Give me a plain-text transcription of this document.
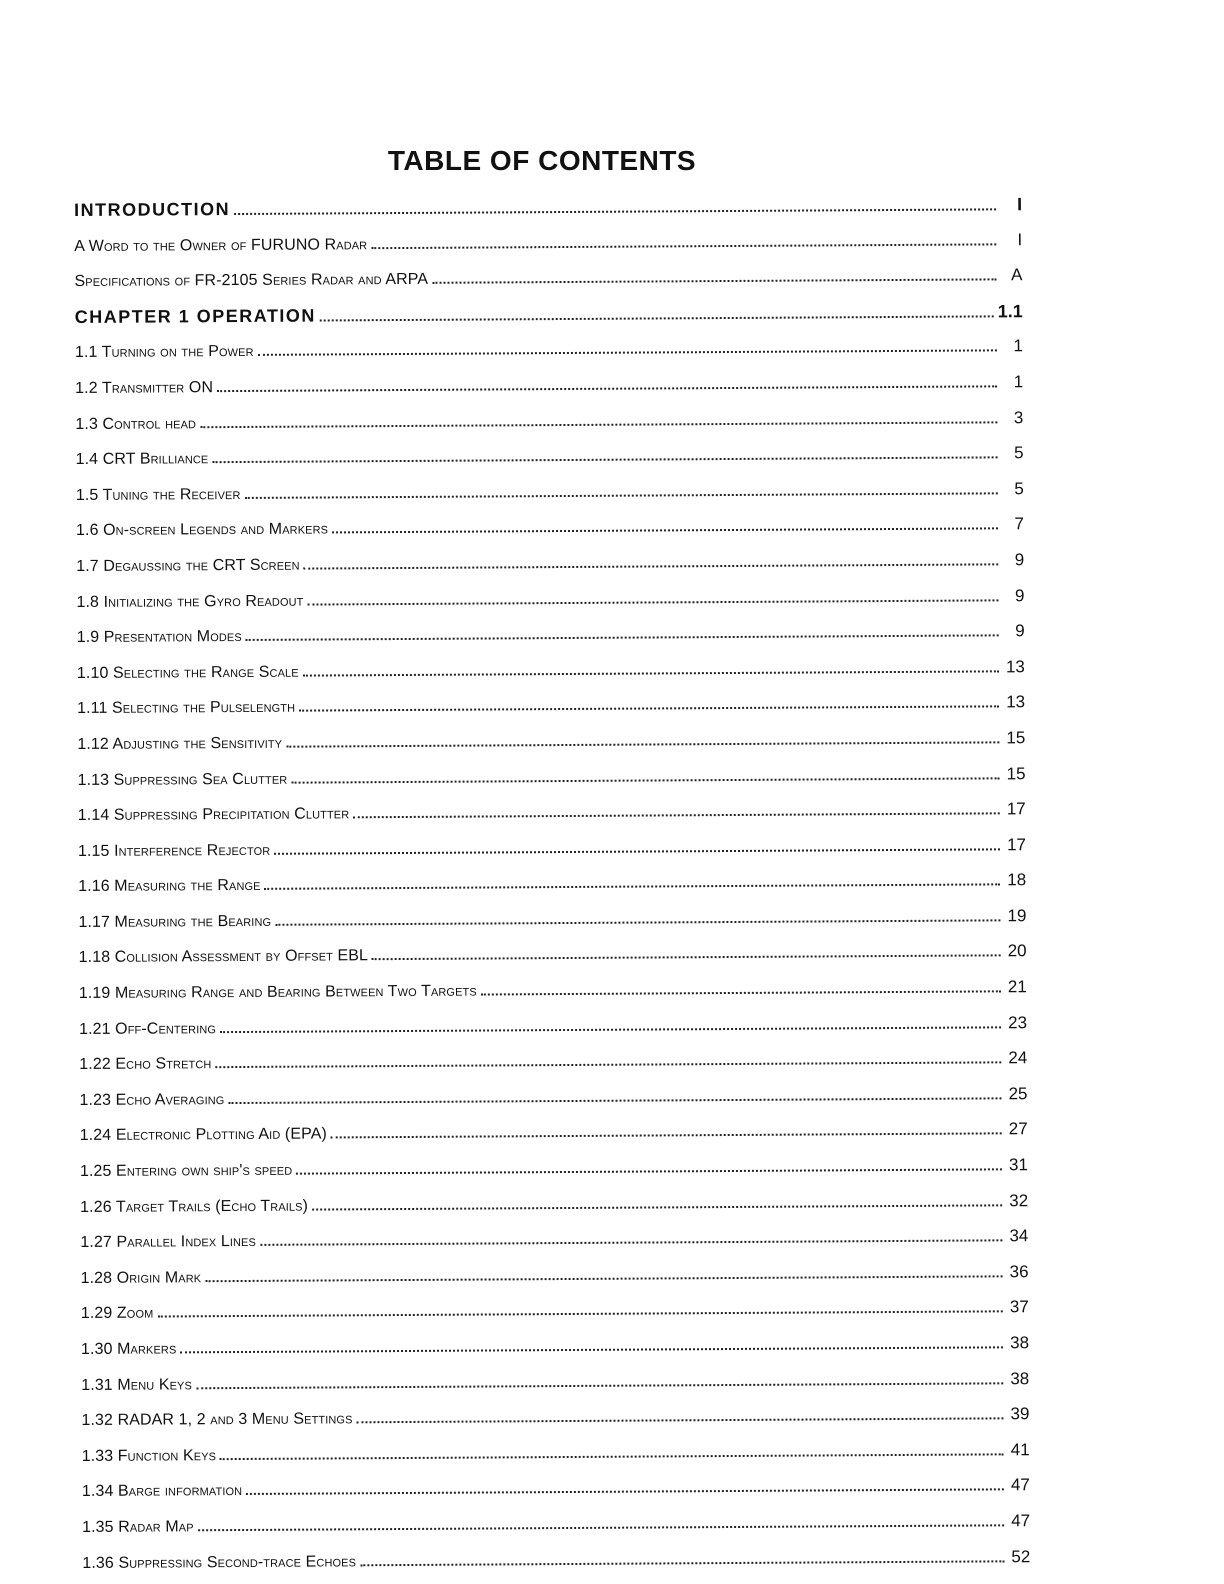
TABLE OF CONTENTS
INTRODUCTION	I
A Word to the Owner of FURUNO Radar	I
Specifications of FR-2105 Series Radar and ARPA	A
CHAPTER 1 OPERATION	1.1
1.1 Turning on the Power	1
1.2 Transmitter ON	1
1.3 Control head	3
1.4 CRT Brilliance	5
1.5 Tuning the Receiver	5
1.6 On-screen Legends and Markers	7
1.7 Degaussing the CRT Screen	9
1.8 Initializing the Gyro Readout	9
1.9 Presentation Modes	9
1.10 Selecting the Range Scale	13
1.11 Selecting the Pulselength	13
1.12 Adjusting the Sensitivity	15
1.13 Suppressing Sea Clutter	15
1.14 Suppressing Precipitation Clutter	17
1.15 Interference Rejector	17
1.16 Measuring the Range	18
1.17 Measuring the Bearing	19
1.18 Collision Assessment by Offset EBL	20
1.19 Measuring Range and Bearing Between Two Targets	21
1.21 Off-Centering	23
1.22 Echo Stretch	24
1.23 Echo Averaging	25
1.24 Electronic Plotting Aid (EPA)	27
1.25 Entering own ship's speed	31
1.26 Target Trails (Echo Trails)	32
1.27 Parallel Index Lines	34
1.28 Origin Mark	36
1.29 Zoom	37
1.30 Markers	38
1.31 Menu Keys	38
1.32 RADAR 1, 2 and 3 Menu Settings	39
1.33 Function Keys	41
1.34 Barge information	47
1.35 Radar Map	47
1.36 Suppressing Second-trace Echoes	52
